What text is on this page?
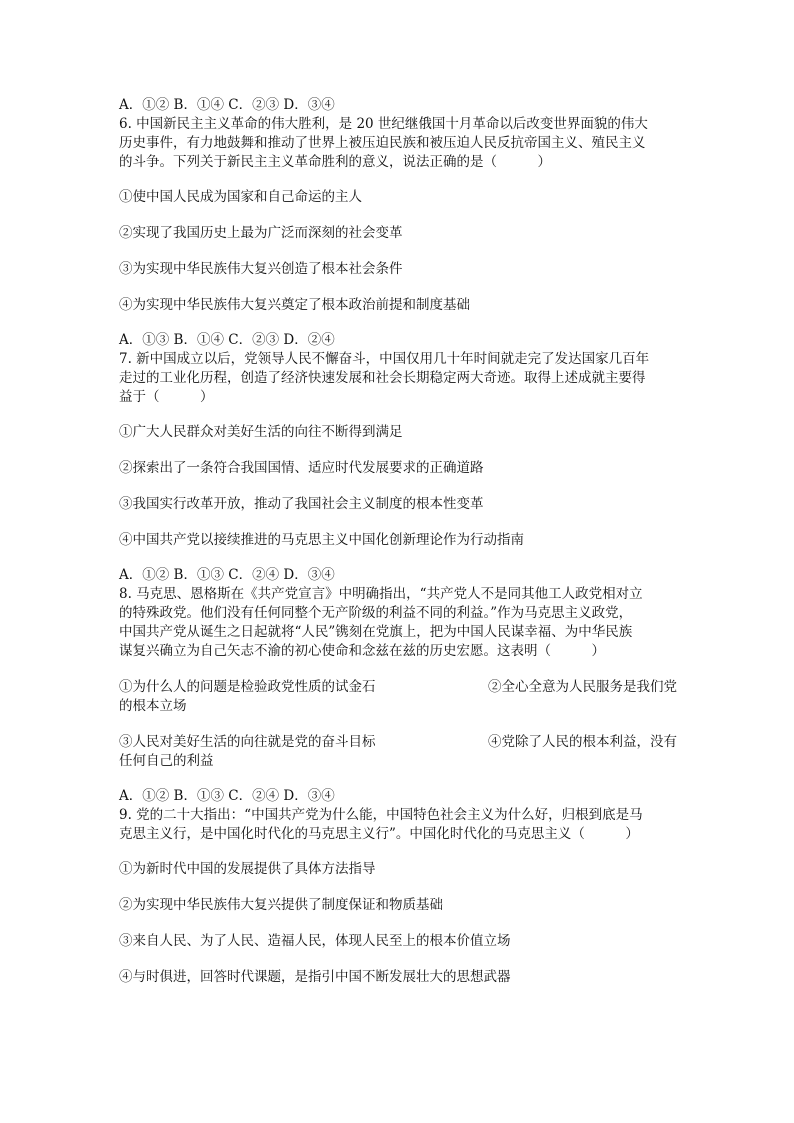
A．①② B．①④ C．②③ D．③④
6. 中国新民主主义革命的伟大胜利，是 20 世纪继俄国十月革命以后改变世界面貌的伟大
历史事件，有力地鼓舞和推动了世界上被压迫民族和被压迫人民反抗帝国主义、殖民主义
的斗争。下列关于新民主主义革命胜利的意义，说法正确的是（　　　）
①使中国人民成为国家和自己命运的主人
②实现了我国历史上最为广泛而深刻的社会变革
③为实现中华民族伟大复兴创造了根本社会条件
④为实现中华民族伟大复兴奠定了根本政治前提和制度基础
A．①③ B．①④ C．②③ D．②④
7. 新中国成立以后，党领导人民不懈奋斗，中国仅用几十年时间就走完了发达国家几百年
走过的工业化历程，创造了经济快速发展和社会长期稳定两大奇迹。取得上述成就主要得
益于（　　　）
①广大人民群众对美好生活的向往不断得到满足
②探索出了一条符合我国国情、适应时代发展要求的正确道路
③我国实行改革开放，推动了我国社会主义制度的根本性变革
④中国共产党以接续推进的马克思主义中国化创新理论作为行动指南
A．①② B．①③ C．②④ D．③④
8. 马克思、恩格斯在《共产党宣言》中明确指出，“共产党人不是同其他工人政党相对立
的特殊政党。他们没有任何同整个无产阶级的利益不同的利益。”作为马克思主义政党，
中国共产党从诞生之日起就将“人民”镌刻在党旗上，把为中国人民谋幸福、为中华民族
谋复兴确立为自己矢志不渝的初心使命和念兹在兹的历史宏愿。这表明（　　　）
①为什么人的问题是检验政党性质的试金石	②全心全意为人民服务是我们党
的根本立场
③人民对美好生活的向往就是党的奋斗目标	④党除了人民的根本利益，没有
任何自己的利益
A．①② B．①③ C．②④ D．③④
9. 党的二十大指出：“中国共产党为什么能，中国特色社会主义为什么好，归根到底是马
克思主义行，是中国化时代化的马克思主义行”。中国化时代化的马克思主义（　　　）
①为新时代中国的发展提供了具体方法指导
②为实现中华民族伟大复兴提供了制度保证和物质基础
③来自人民、为了人民、造福人民，体现人民至上的根本价值立场
④与时俱进，回答时代课题，是指引中国不断发展壮大的思想武器
